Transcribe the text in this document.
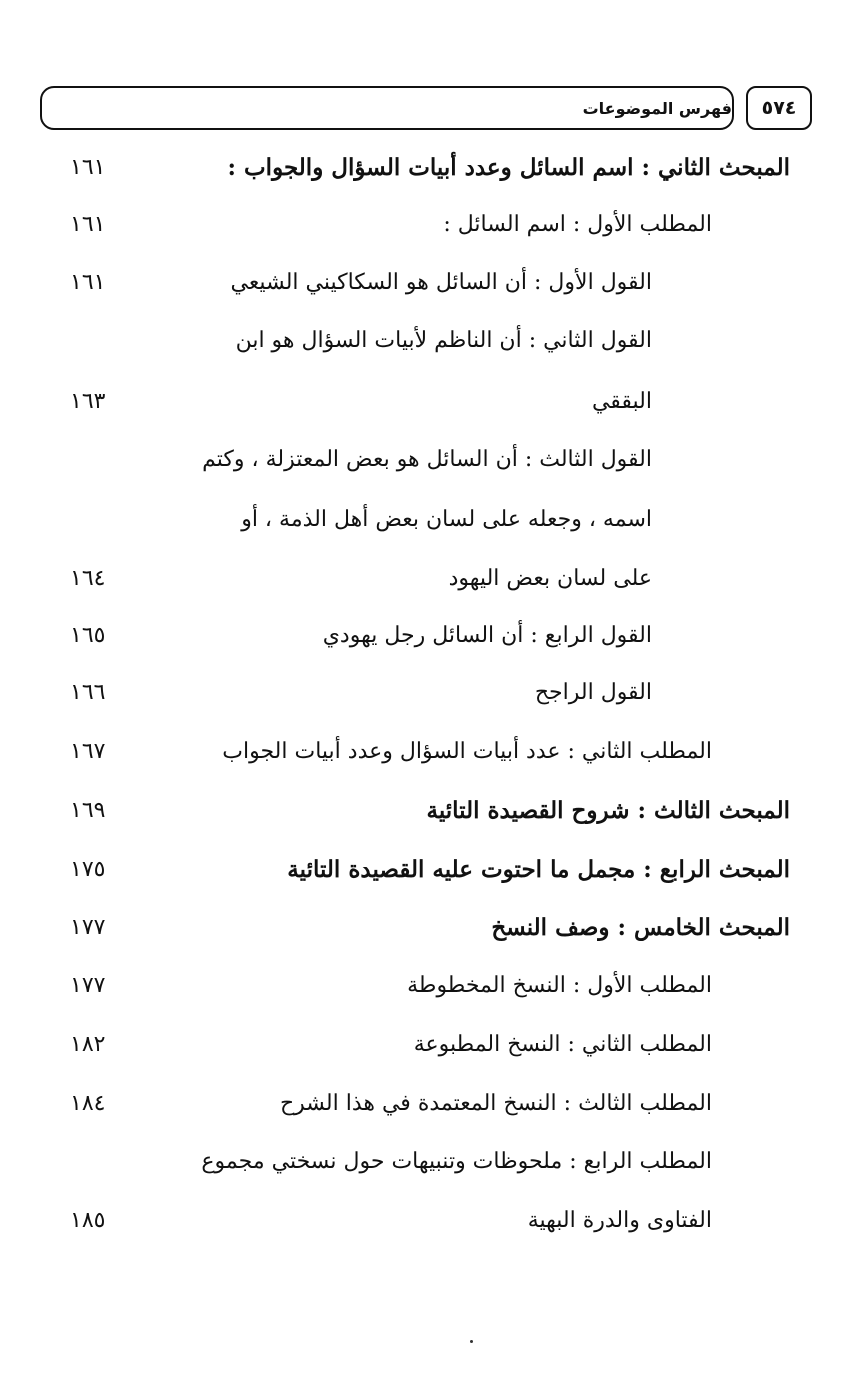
فهرس الموضوعات ٥٧٤
المبحث الثاني : اسم السائل وعدد أبيات السؤال والجواب :
١٦١
المطلب الأول : اسم السائل :
١٦١
القول الأول : أن السائل هو السكاكيني الشيعي
١٦١
القول الثاني : أن الناظم لأبيات السؤال هو ابن
البققي
١٦٣
القول الثالث : أن السائل هو بعض المعتزلة ، وكتم
اسمه ، وجعله على لسان بعض أهل الذمة ، أو
على لسان بعض اليهود
١٦٤
القول الرابع : أن السائل رجل يهودي
١٦٥
القول الراجح
١٦٦
المطلب الثاني : عدد أبيات السؤال وعدد أبيات الجواب
١٦٧
المبحث الثالث : شروح القصيدة التائية
١٦٩
المبحث الرابع : مجمل ما احتوت عليه القصيدة التائية
١٧٥
المبحث الخامس : وصف النسخ
١٧٧
المطلب الأول : النسخ المخطوطة
١٧٧
المطلب الثاني : النسخ المطبوعة
١٨٢
المطلب الثالث : النسخ المعتمدة في هذا الشرح
١٨٤
المطلب الرابع : ملحوظات وتنبيهات حول نسختي مجموع
الفتاوى والدرة البهية
١٨٥
